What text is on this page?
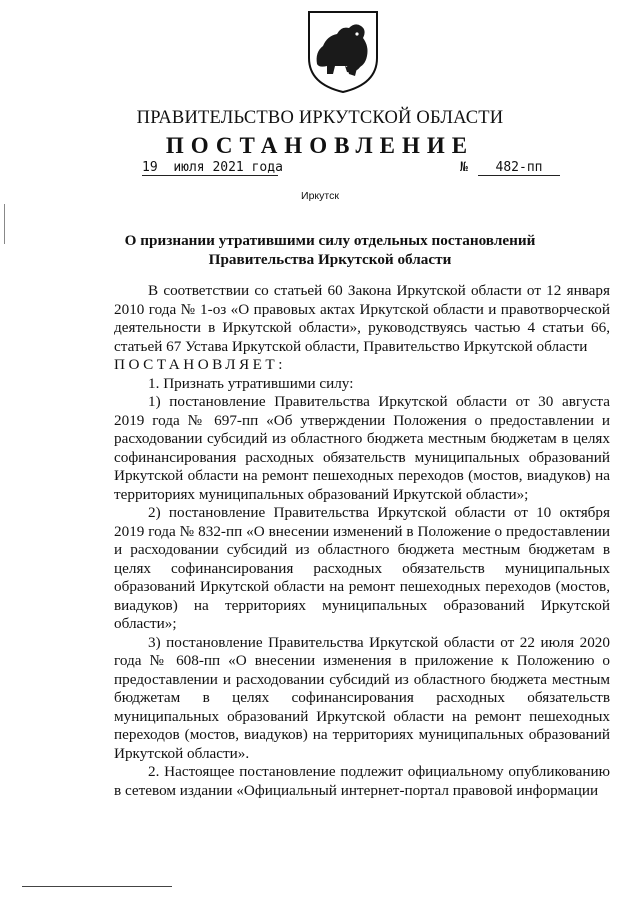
ПРАВИТЕЛЬСТВО ИРКУТСКОЙ ОБЛАСТИ
ПОСТАНОВЛЕНИЕ
19 июля 2021 года	№	482-пп
Иркутск
О признании утратившими силу отдельных постановлений
Правительства Иркутской области

В соответствии со статьей 60 Закона Иркутской области от 12 января 2010 года № 1-оз «О правовых актах Иркутской области и правотворческой деятельности в Иркутской области», руководствуясь частью 4 статьи 66, статьей 67 Устава Иркутской области, Правительство Иркутской области

ПОСТАНОВЛЯЕТ:

1. Признать утратившими силу:

1) постановление Правительства Иркутской области от 30 августа 2019 года № 697-пп «Об утверждении Положения о предоставлении и расходовании субсидий из областного бюджета местным бюджетам в целях софинансирования расходных обязательств муниципальных образований Иркутской области на ремонт пешеходных переходов (мостов, виадуков) на территориях муниципальных образований Иркутской области»;

2) постановление Правительства Иркутской области от 10 октября 2019 года № 832-пп «О внесении изменений в Положение о предоставлении и расходовании субсидий из областного бюджета местным бюджетам в целях софинансирования расходных обязательств муниципальных образований Иркутской области на ремонт пешеходных переходов (мостов, виадуков) на территориях муниципальных образований Иркутской области»;

3) постановление Правительства Иркутской области от 22 июля 2020 года № 608-пп «О внесении изменения в приложение к Положению о предоставлении и расходовании субсидий из областного бюджета местным бюджетам в целях софинансирования расходных обязательств муниципальных образований Иркутской области на ремонт пешеходных переходов (мостов, виадуков) на территориях муниципальных образований Иркутской области».

2. Настоящее постановление подлежит официальному опубликованию в сетевом издании «Официальный интернет-портал правовой информации
